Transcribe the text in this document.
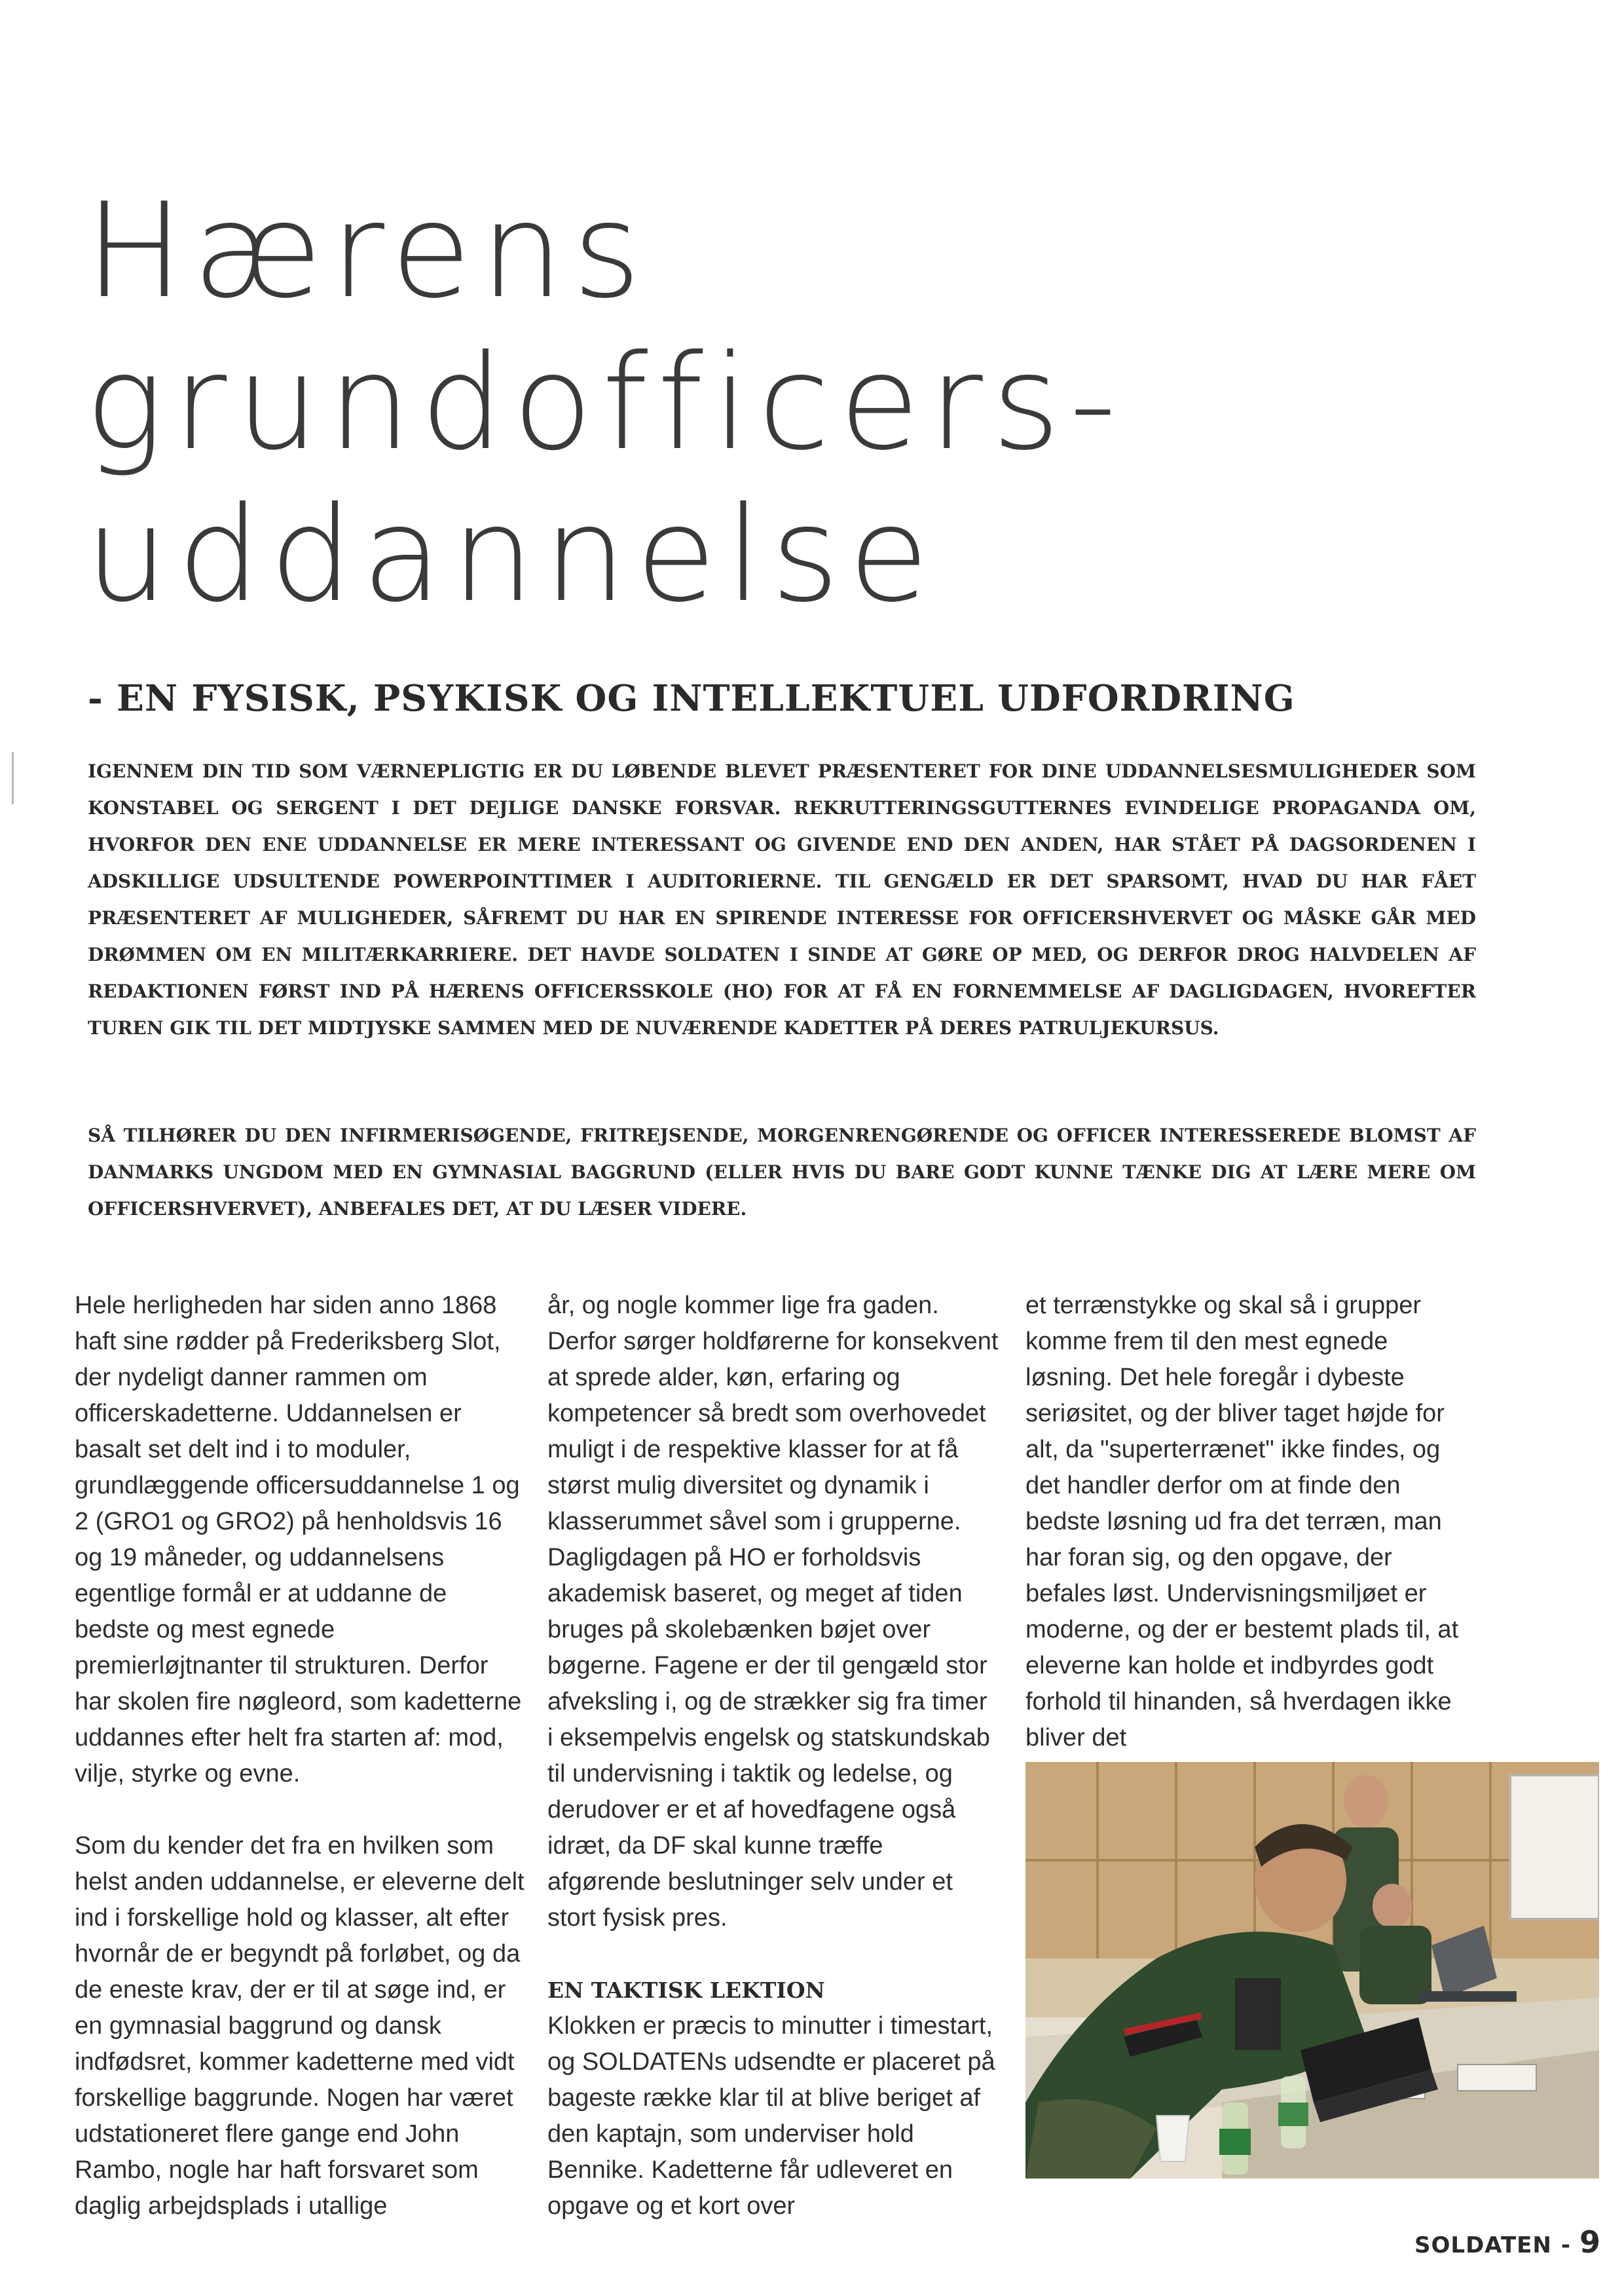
Hærens
grundofficers-
uddannelse
- EN FYSISK, PSYKISK OG INTELLEKTUEL UDFORDRING

IGENNEM DIN TID SOM VÆRNEPLIGTIG ER DU LØBENDE BLEVET PRÆSENTERET FOR DINE UDDANNELSESMULIGHEDER SOM KONSTABEL OG SERGENT I DET DEJLIGE DANSKE FORSVAR. REKRUTTERINGSGUTTERNES EVINDELIGE PROPAGANDA OM, HVORFOR DEN ENE UDDANNELSE ER MERE INTERESSANT OG GIVENDE END DEN ANDEN, HAR STÅET PÅ DAGSORDENEN I ADSKILLIGE UDSULTENDE POWERPOINTTIMER I AUDITORIERNE. TIL GENGÆLD ER DET SPARSOMT, HVAD DU HAR FÅET PRÆSENTERET AF MULIGHEDER, SÅFREMT DU HAR EN SPIRENDE INTERESSE FOR OFFICERSHVERVET OG MÅSKE GÅR MED DRØMMEN OM EN MILITÆRKARRIERE. DET HAVDE SOLDATEN I SINDE AT GØRE OP MED, OG DERFOR DROG HALVDELEN AF REDAKTIONEN FØRST IND PÅ HÆRENS OFFICERSSKOLE (HO) FOR AT FÅ EN FORNEMMELSE AF DAGLIGDAGEN, HVOREFTER TUREN GIK TIL DET MIDTJYSKE SAMMEN MED DE NUVÆRENDE KADETTER PÅ DERES PATRULJEKURSUS.

SÅ TILHØRER DU DEN INFIRMERISØGENDE, FRITREJSENDE, MORGENRENGØRENDE OG OFFICER INTERESSEREDE BLOMST AF DANMARKS UNGDOM MED EN GYMNASIAL BAGGRUND (ELLER HVIS DU BARE GODT KUNNE TÆNKE DIG AT LÆRE MERE OM OFFICERSHVERVET), ANBEFALES DET, AT DU LÆSER VIDERE.

Hele herligheden har siden anno 1868 haft sine rødder på Frederiksberg Slot, der nydeligt danner rammen om officerskadetterne. Uddannelsen er basalt set delt ind i to moduler, grundlæggende officersuddannelse 1 og 2 (GRO1 og GRO2) på henholdsvis 16 og 19 måneder, og uddannelsens egentlige formål er at uddanne de bedste og mest egnede premierløjtnanter til strukturen. Derfor har skolen fire nøgleord, som kadetterne uddannes efter helt fra starten af: mod, vilje, styrke og evne.

Som du kender det fra en hvilken som helst anden uddannelse, er eleverne delt ind i forskellige hold og klasser, alt efter hvornår de er begyndt på forløbet, og da de eneste krav, der er til at søge ind, er en gymnasial baggrund og dansk indfødsret, kommer kadetterne med vidt forskellige baggrunde. Nogen har været udstationeret flere gange end John Rambo, nogle har haft forsvaret som daglig arbejdsplads i utallige

år, og nogle kommer lige fra gaden. Derfor sørger holdførerne for konsekvent at sprede alder, køn, erfaring og kompetencer så bredt som overhovedet muligt i de respektive klasser for at få størst mulig diversitet og dynamik i klasserummet såvel som i grupperne. Dagligdagen på HO er forholdsvis akademisk baseret, og meget af tiden bruges på skolebænken bøjet over bøgerne. Fagene er der til gengæld stor afveksling i, og de strækker sig fra timer i eksempelvis engelsk og statskundskab til undervisning i taktik og ledelse, og derudover er et af hovedfagene også idræt, da DF skal kunne træffe afgørende beslutninger selv under et stort fysisk pres.

EN TAKTISK LEKTION

Klokken er præcis to minutter i timestart, og SOLDATENs udsendte er placeret på bageste række klar til at blive beriget af den kaptajn, som underviser hold Bennike. Kadetterne får udleveret en opgave og et kort over

et terrænstykke og skal så i grupper komme frem til den mest egnede løsning. Det hele foregår i dybeste seriøsitet, og der bliver taget højde for alt, da "superterrænet" ikke findes, og det handler derfor om at finde den bedste løsning ud fra det terræn, man har foran sig, og den opgave, der befales løst. Undervisningsmiljøet er moderne, og der er bestemt plads til, at eleverne kan holde et indbyrdes godt forhold til hinanden, så hverdagen ikke bliver det

SOLDATEN - 9
